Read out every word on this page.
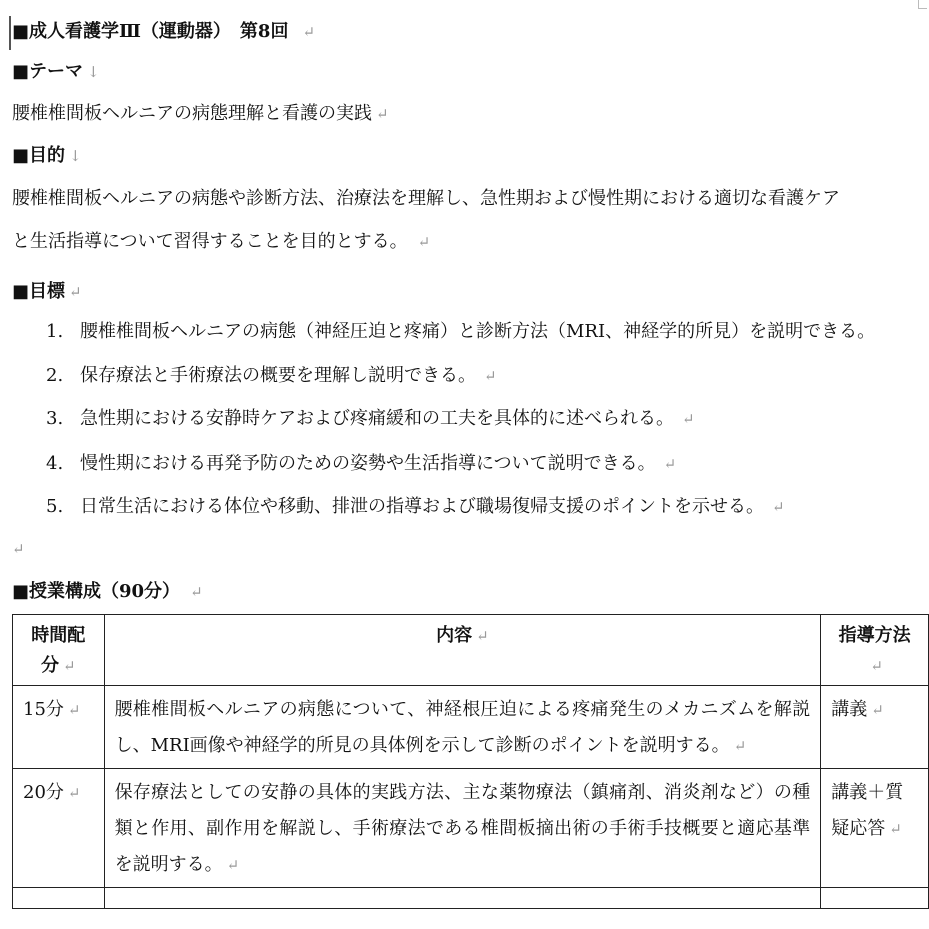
■成人看護学Ⅲ（運動器）　第8回 ↵
■テーマ ↓
腰椎椎間板ヘルニアの病態理解と看護の実践 ↵
■目的 ↓
腰椎椎間板ヘルニアの病態や診断方法、治療法を理解し、急性期および慢性期における適切な看護ケア
と生活指導について習得することを目的とする。 ↵
■目標 ↵
1. 腰椎椎間板ヘルニアの病態（神経圧迫と疼痛）と診断方法（MRI、神経学的所見）を説明できる。
2. 保存療法と手術療法の概要を理解し説明できる。 ↵
3. 急性期における安静時ケアおよび疼痛緩和の工夫を具体的に述べられる。 ↵
4. 慢性期における再発予防のための姿勢や生活指導について説明できる。 ↵
5. 日常生活における体位や移動、排泄の指導および職場復帰支援のポイントを示せる。 ↵
↵
■授業構成（90分） ↵
時間配分 ↵	内容 ↵	指導方法↵
15分 ↵	腰椎椎間板ヘルニアの病態について、神経根圧迫による疼痛発生のメカニズムを解説し、MRI画像や神経学的所見の具体例を示して診断のポイントを説明する。 ↵	講義 ↵
20分 ↵	保存療法としての安静の具体的実践方法、主な薬物療法（鎮痛剤、消炎剤など）の種類と作用、副作用を解説し、手術療法である椎間板摘出術の手術手技概要と適応基準を説明する。 ↵	講義＋質疑応答 ↵
